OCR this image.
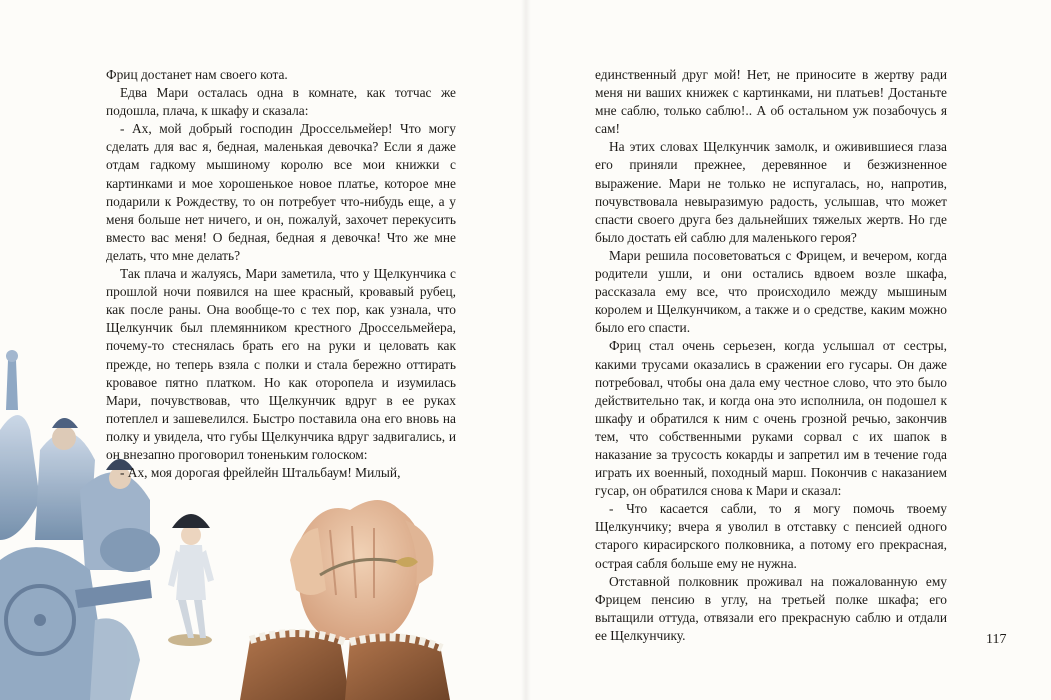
Фриц достанет нам своего кота.

Едва Мари осталась одна в комнате, как тотчас же подошла, плача, к шкафу и сказала:

- Ах, мой добрый господин Дроссельмейер! Что могу сделать для вас я, бедная, маленькая девочка? Если я даже отдам гадкому мышиному королю все мои книжки с картинками и мое хорошенькое новое платье, которое мне подарили к Рождеству, то он потребует что-нибудь еще, а у меня больше нет ничего, и он, пожалуй, захочет перекусить вместо вас меня! О бедная, бедная я девочка! Что же мне делать, что мне делать?

Так плача и жалуясь, Мари заметила, что у Щелкунчика с прошлой ночи появился на шее красный, кровавый рубец, как после раны. Она вообще-то с тех пор, как узнала, что Щелкунчик был племянником крестного Дроссельмейера, почему-то стеснялась брать его на руки и целовать как прежде, но теперь взяла с полки и стала бережно оттирать кровавое пятно платком. Но как оторопела и изумилась Мари, почувствовав, что Щелкунчик вдруг в ее руках потеплел и зашевелился. Быстро поставила она его вновь на полку и увидела, что губы Щелкунчика вдруг задвигались, и он внезапно проговорил тоненьким голоском:

- Ах, моя дорогая фрейлейн Штальбаум! Милый,

единственный друг мой! Нет, не приносите в жертву ради меня ни ваших книжек с картинками, ни платьев! Достаньте мне саблю, только саблю!.. А об остальном уж позабочусь я сам!

На этих словах Щелкунчик замолк, и оживившиеся глаза его приняли прежнее, деревянное и безжизненное выражение. Мари не только не испугалась, но, напротив, почувствовала невыразимую радость, услышав, что может спасти своего друга без дальнейших тяжелых жертв. Но где было достать ей саблю для маленького героя?

Мари решила посоветоваться с Фрицем, и вечером, когда родители ушли, и они остались вдвоем возле шкафа, рассказала ему все, что происходило между мышиным королем и Щелкунчиком, а также и о средстве, каким можно было его спасти.

Фриц стал очень серьезен, когда услышал от сестры, какими трусами оказались в сражении его гусары. Он даже потребовал, чтобы она дала ему честное слово, что это было действительно так, и когда она это исполнила, он подошел к шкафу и обратился к ним с очень грозной речью, закончив тем, что собственными руками сорвал с их шапок в наказание за трусость кокарды и запретил им в течение года играть их военный, походный марш. Покончив с наказанием гусар, он обратился снова к Мари и сказал:

- Что касается сабли, то я могу помочь твоему Щелкунчику; вчера я уволил в отставку с пенсией одного старого кирасирского полковника, а потому его прекрасная, острая сабля больше ему не нужна.

Отставной полковник проживал на пожалованную ему Фрицем пенсию в углу, на третьей полке шкафа; его вытащили оттуда, отвязали его прекрасную саблю и отдали ее Щелкунчику.	117
